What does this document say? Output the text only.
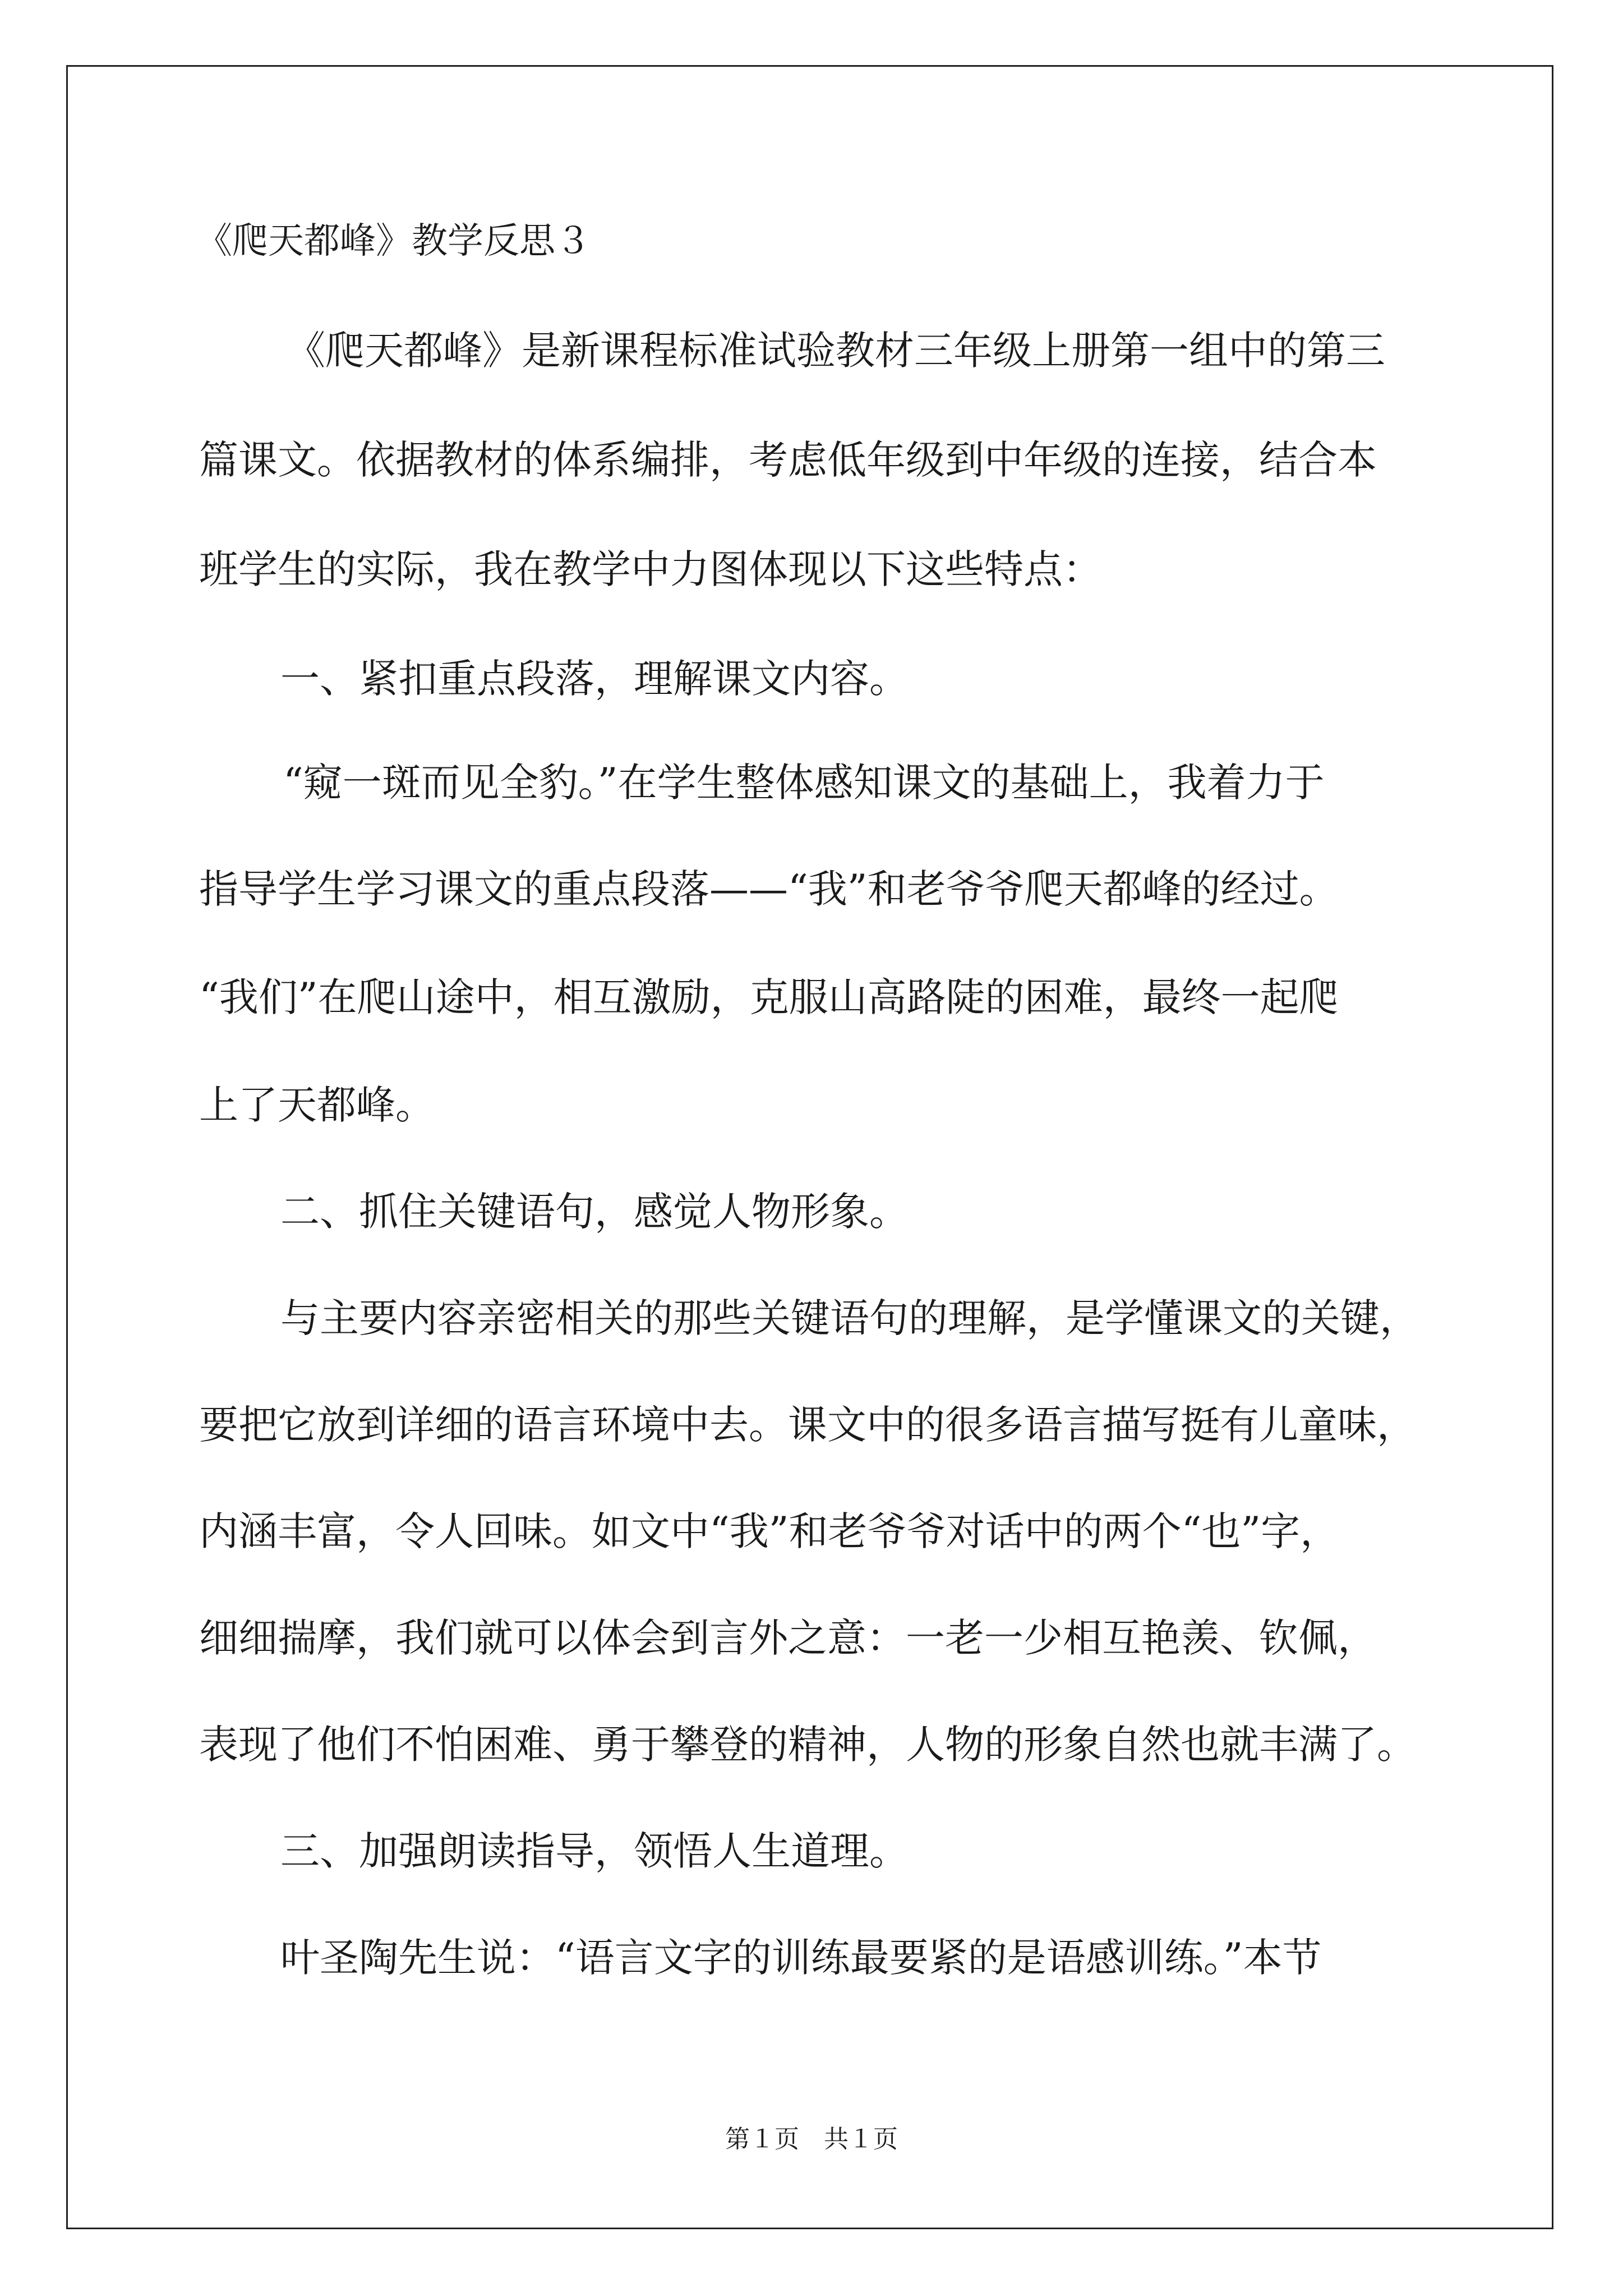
《爬天都峰》教学反思３
《爬天都峰》是新课程标准试验教材三年级上册第一组中的第三
篇课文。依据教材的体系编排，考虑低年级到中年级的连接，结合本
班学生的实际，我在教学中力图体现以下这些特点：
一、紧扣重点段落，理解课文内容。
“窥一斑而见全豹。”在学生整体感知课文的基础上，我着力于
指导学生学习课文的重点段落——“我”和老爷爷爬天都峰的经过。
“我们”在爬山途中，相互激励，克服山高路陡的困难，最终一起爬
上了天都峰。
二、抓住关键语句，感觉人物形象。
与主要内容亲密相关的那些关键语句的理解，是学懂课文的关键，
要把它放到详细的语言环境中去。课文中的很多语言描写挺有儿童味，
内涵丰富，令人回味。如文中“我”和老爷爷对话中的两个“也”字，
细细揣摩，我们就可以体会到言外之意：一老一少相互艳羡、钦佩，
表现了他们不怕困难、勇于攀登的精神，人物的形象自然也就丰满了。
三、加强朗读指导，领悟人生道理。
叶圣陶先生说：“语言文字的训练最要紧的是语感训练。”本节
第１页　共１页
